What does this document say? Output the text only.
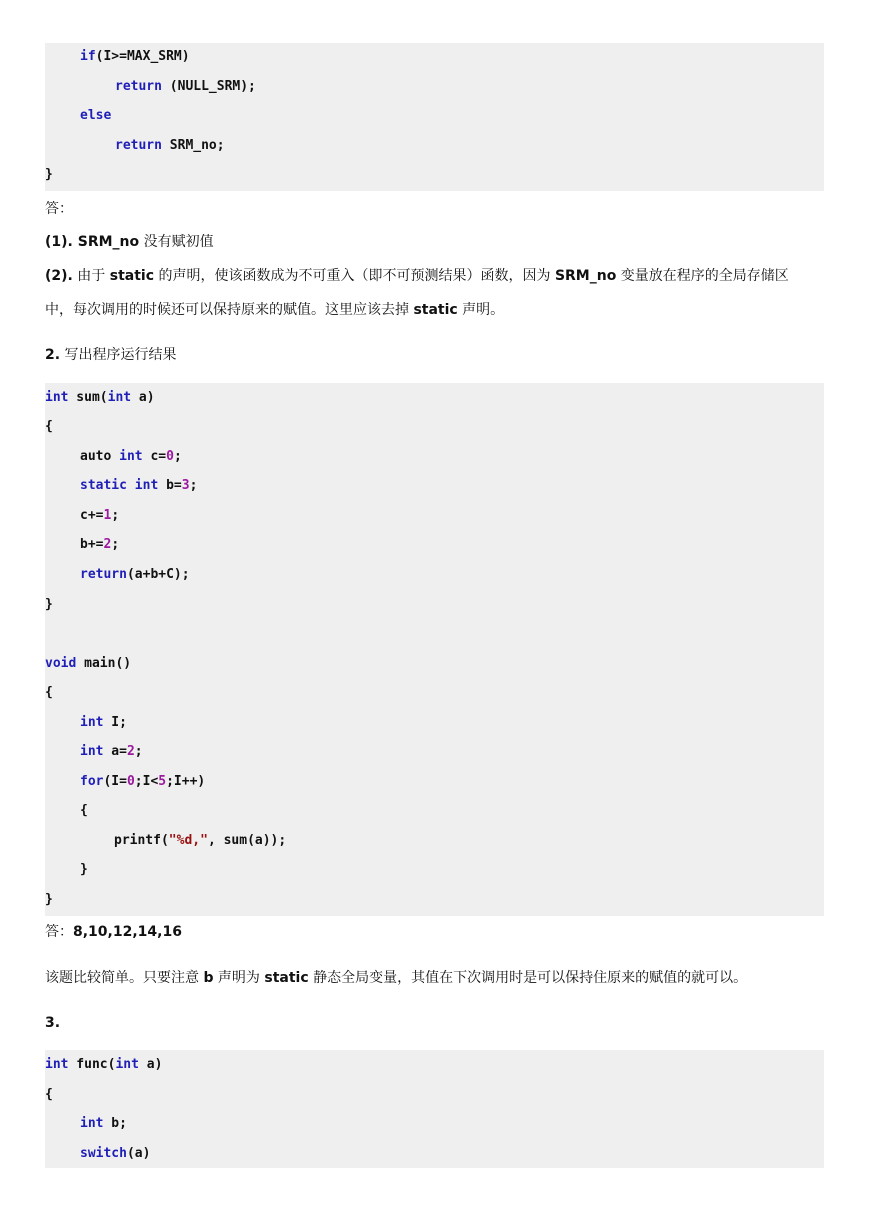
if(I>=MAX_SRM)
return (NULL_SRM);
else
return SRM_no;
}
答：
(1). SRM_no 没有赋初值
(2). 由于 static 的声明，使该函数成为不可重入（即不可预测结果）函数，因为 SRM_no 变量放在程序的全局存储区
中，每次调用的时候还可以保持原来的赋值。这里应该去掉 static 声明。
2. 写出程序运行结果
int sum(int a)
{
auto int c=0;
static int b=3;
c+=1;
b+=2;
return(a+b+C);
}
void main()
{
int I;
int a=2;
for(I=0;I<5;I++)
{
printf("%d,", sum(a));
}
}
答：8,10,12,14,16
该题比较简单。只要注意 b 声明为 static 静态全局变量，其值在下次调用时是可以保持住原来的赋值的就可以。
3.
int func(int a)
{
int b;
switch(a)
